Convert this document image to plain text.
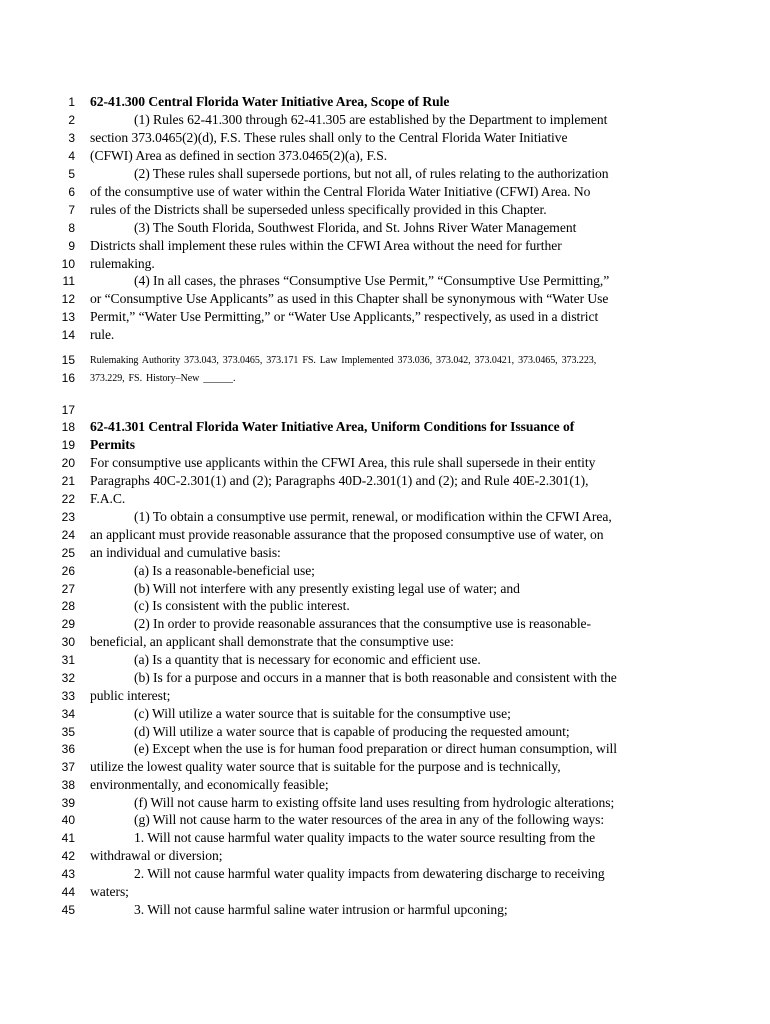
1 62-41.300 Central Florida Water Initiative Area, Scope of Rule
2	(1) Rules 62-41.300 through 62-41.305 are established by the Department to implement
3 section 373.0465(2)(d), F.S. These rules shall only to the Central Florida Water Initiative
4 (CFWI) Area as defined in section 373.0465(2)(a), F.S.
5	(2) These rules shall supersede portions, but not all, of rules relating to the authorization
6 of the consumptive use of water within the Central Florida Water Initiative (CFWI) Area. No
7 rules of the Districts shall be superseded unless specifically provided in this Chapter.
8	(3) The South Florida, Southwest Florida, and St. Johns River Water Management
9 Districts shall implement these rules within the CFWI Area without the need for further
10 rulemaking.
11	(4) In all cases, the phrases “Consumptive Use Permit,” “Consumptive Use Permitting,”
12 or “Consumptive Use Applicants” as used in this Chapter shall be synonymous with “Water Use
13 Permit,” “Water Use Permitting,” or “Water Use Applicants,” respectively, as used in a district
14 rule.
15 Rulemaking Authority 373.043, 373.0465, 373.171 FS. Law Implemented 373.036, 373.042, 373.0421, 373.0465, 373.223,
16 373.229, FS. History–New ______.
17
18 62-41.301 Central Florida Water Initiative Area, Uniform Conditions for Issuance of
19 Permits
20 For consumptive use applicants within the CFWI Area, this rule shall supersede in their entity
21 Paragraphs 40C-2.301(1) and (2); Paragraphs 40D-2.301(1) and (2); and Rule 40E-2.301(1),
22 F.A.C.
23	(1) To obtain a consumptive use permit, renewal, or modification within the CFWI Area,
24 an applicant must provide reasonable assurance that the proposed consumptive use of water, on
25 an individual and cumulative basis:
26	(a) Is a reasonable-beneficial use;
27	(b) Will not interfere with any presently existing legal use of water; and
28	(c) Is consistent with the public interest.
29	(2) In order to provide reasonable assurances that the consumptive use is reasonable-
30 beneficial, an applicant shall demonstrate that the consumptive use:
31	(a) Is a quantity that is necessary for economic and efficient use.
32	(b) Is for a purpose and occurs in a manner that is both reasonable and consistent with the
33 public interest;
34	(c) Will utilize a water source that is suitable for the consumptive use;
35	(d) Will utilize a water source that is capable of producing the requested amount;
36	(e) Except when the use is for human food preparation or direct human consumption, will
37 utilize the lowest quality water source that is suitable for the purpose and is technically,
38 environmentally, and economically feasible;
39	(f) Will not cause harm to existing offsite land uses resulting from hydrologic alterations;
40	(g) Will not cause harm to the water resources of the area in any of the following ways:
41	1. Will not cause harmful water quality impacts to the water source resulting from the
42 withdrawal or diversion;
43	2. Will not cause harmful water quality impacts from dewatering discharge to receiving
44 waters;
45	3. Will not cause harmful saline water intrusion or harmful upconing;
